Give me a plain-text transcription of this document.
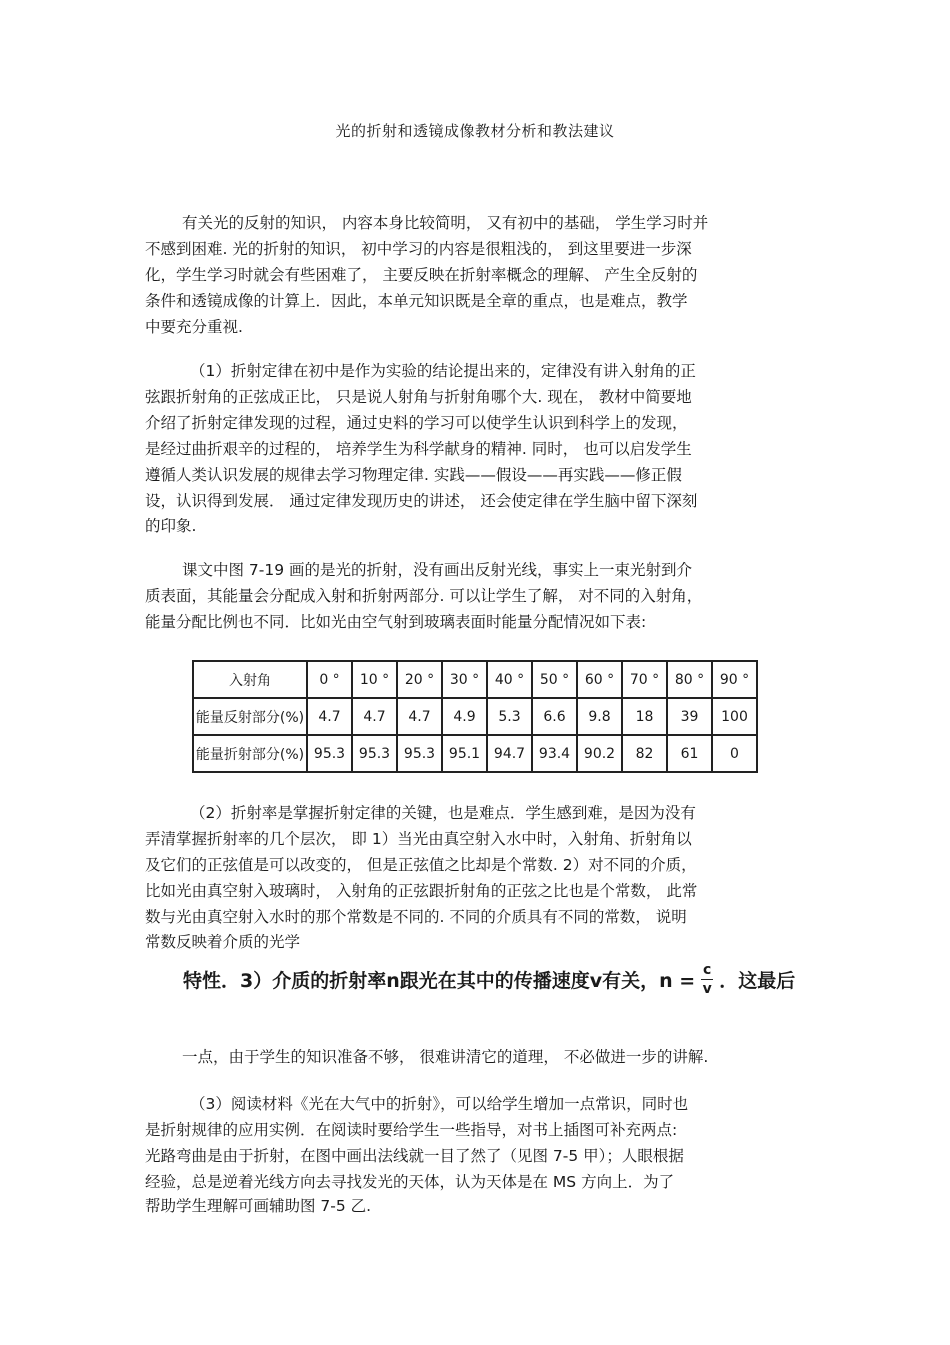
光的折射和透镜成像教材分析和教法建议
有关光的反射的知识， 内容本身比较简明， 又有初中的基础， 学生学习时并
不感到困难. 光的折射的知识， 初中学习的内容是很粗浅的， 到这里要进一步深
化，学生学习时就会有些困难了， 主要反映在折射率概念的理解、 产生全反射的
条件和透镜成像的计算上．因此，本单元知识既是全章的重点，也是难点，教学
中要充分重视.
（1）折射定律在初中是作为实验的结论提出来的，定律没有讲入射角的正
弦跟折射角的正弦成正比， 只是说人射角与折射角哪个大. 现在， 教材中简要地
介绍了折射定律发现的过程，通过史料的学习可以使学生认识到科学上的发现，
是经过曲折艰辛的过程的， 培养学生为科学献身的精神. 同时， 也可以启发学生
遵循人类认识发展的规律去学习物理定律. 实践——假设——再实践——修正假
设，认识得到发展． 通过定律发现历史的讲述， 还会使定律在学生脑中留下深刻
的印象.
课文中图 7-19 画的是光的折射，没有画出反射光线，事实上一束光射到介
质表面，其能量会分配成入射和折射两部分. 可以让学生了解， 对不同的入射角，
能量分配比例也不同．比如光由空气射到玻璃表面时能量分配情况如下表:
入射角	0 °	10 °	20 °	30 °	40 °	50 °	60 °	70 °	80 °	90 °
能量反射部分(%)	4.7	4.7	4.7	4.9	5.3	6.6	9.8	18	39	100
能量折射部分(%)	95.3	95.3	95.3	95.1	94.7	93.4	90.2	82	61	0
（2）折射率是掌握折射定律的关键，也是难点．学生感到难，是因为没有
弄清掌握折射率的几个层次， 即 1）当光由真空射入水中时，入射角、折射角以
及它们的正弦值是可以改变的， 但是正弦值之比却是个常数. 2）对不同的介质，
比如光由真空射入玻璃时， 入射角的正弦跟折射角的正弦之比也是个常数， 此常
数与光由真空射入水时的那个常数是不同的. 不同的介质具有不同的常数， 说明
常数反映着介质的光学
特性．3）介质的折射率n跟光在其中的传播速度v有关，$n = \frac{c}{v}$ ．这最后
一点，由于学生的知识准备不够， 很难讲清它的道理， 不必做进一步的讲解.
（3）阅读材料《光在大气中的折射》，可以给学生增加一点常识，同时也
是折射规律的应用实例．在阅读时要给学生一些指导，对书上插图可补充两点:
光路弯曲是由于折射，在图中画出法线就一目了然了（见图 7-5 甲）；人眼根据
经验，总是逆着光线方向去寻找发光的天体，认为天体是在 MS 方向上．为了
帮助学生理解可画辅助图 7-5 乙.
